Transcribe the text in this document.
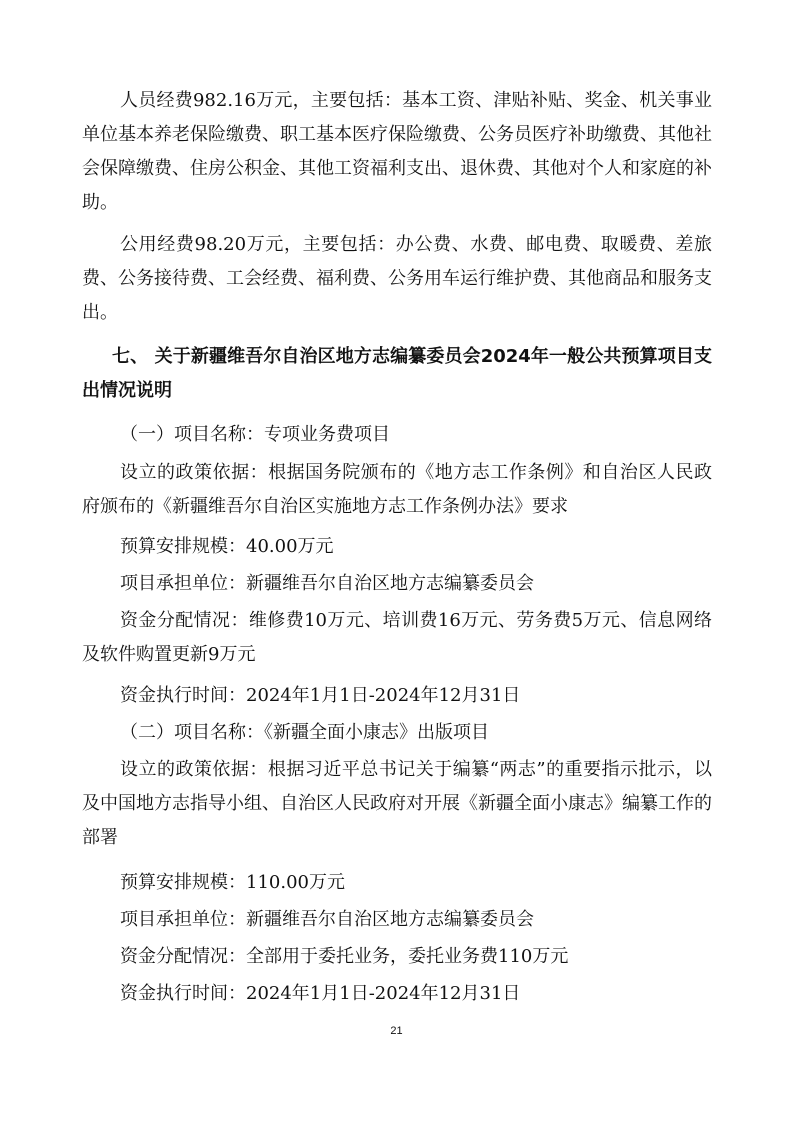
人员经费982.16万元，主要包括：基本工资、津贴补贴、奖金、机关事业单位基本养老保险缴费、职工基本医疗保险缴费、公务员医疗补助缴费、其他社会保障缴费、住房公积金、其他工资福利支出、退休费、其他对个人和家庭的补助。

公用经费98.20万元，主要包括：办公费、水费、邮电费、取暖费、差旅费、公务接待费、工会经费、福利费、公务用车运行维护费、其他商品和服务支出。

七、 关于新疆维吾尔自治区地方志编纂委员会2024年一般公共预算项目支出情况说明

（一）项目名称：专项业务费项目

设立的政策依据：根据国务院颁布的《地方志工作条例》和自治区人民政府颁布的《新疆维吾尔自治区实施地方志工作条例办法》要求

预算安排规模：40.00万元

项目承担单位：新疆维吾尔自治区地方志编纂委员会

资金分配情况：维修费10万元、培训费16万元、劳务费5万元、信息网络及软件购置更新9万元

资金执行时间：2024年1月1日-2024年12月31日

（二）项目名称：《新疆全面小康志》出版项目

设立的政策依据：根据习近平总书记关于编纂“两志”的重要指示批示，以及中国地方志指导小组、自治区人民政府对开展《新疆全面小康志》编纂工作的部署

预算安排规模：110.00万元

项目承担单位：新疆维吾尔自治区地方志编纂委员会

资金分配情况：全部用于委托业务，委托业务费110万元

资金执行时间：2024年1月1日-2024年12月31日

21
